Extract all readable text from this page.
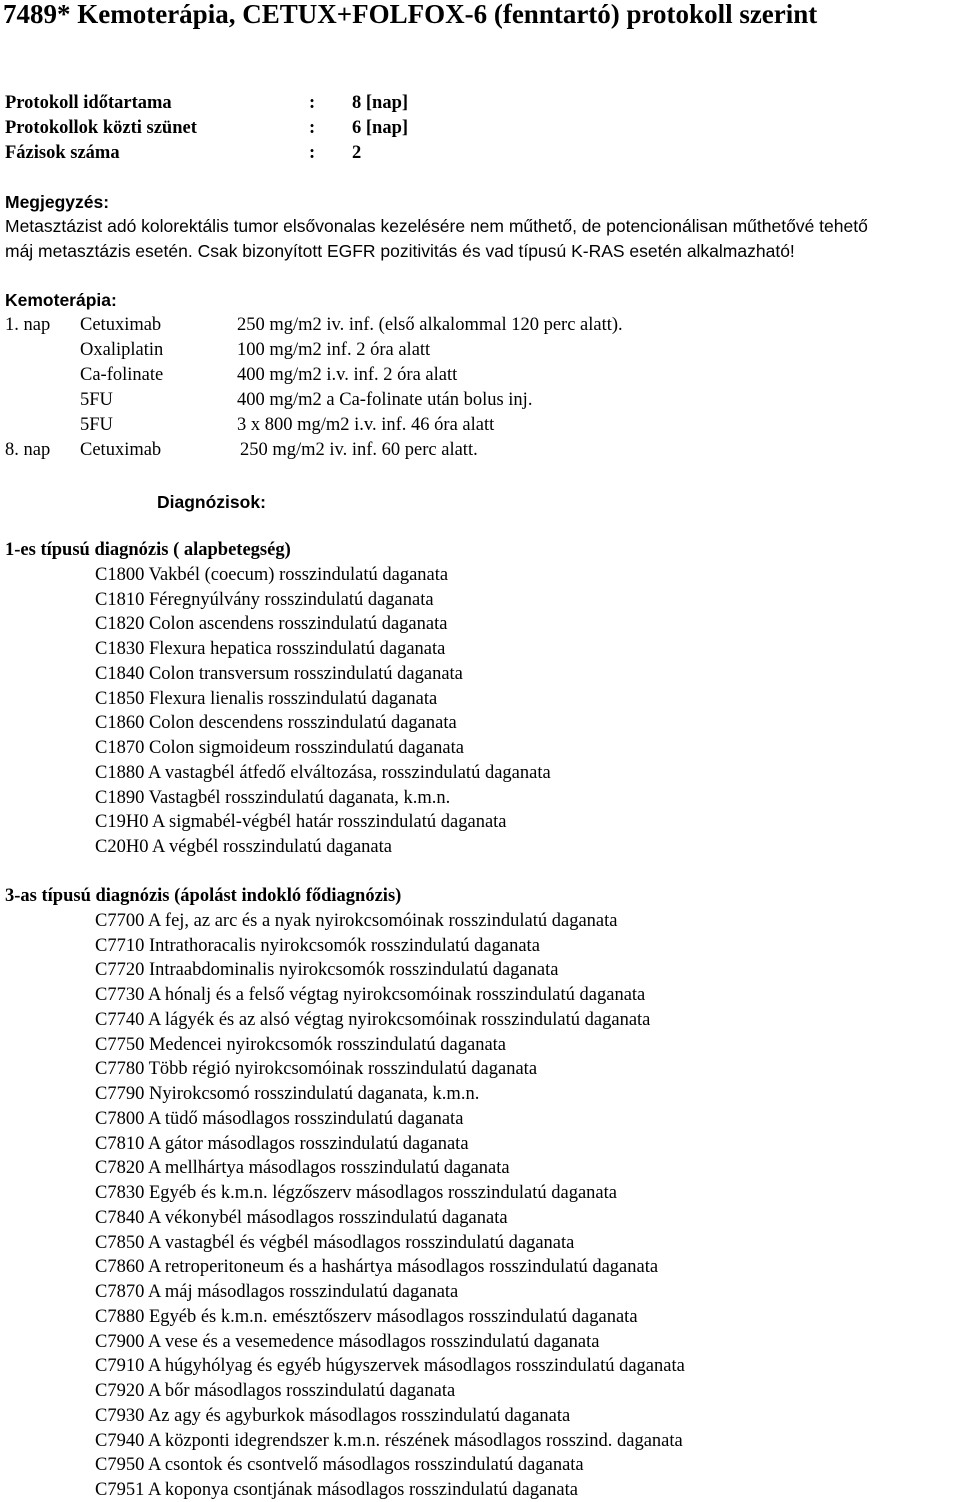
7489* Kemoterápia, CETUX+FOLFOX-6 (fenntartó) protokoll szerint
Protokoll időtartama	: 8 [nap]
Protokollok közti szünet	: 6 [nap]
Fázisok száma	: 2
Megjegyzés:
Metasztázist adó kolorektális tumor elsővonalas kezelésére nem műthető, de potencionálisan műthetővé tehető
máj metasztázis esetén. Csak bizonyított EGFR pozitivitás és vad típusú K-RAS esetén alkalmazható!
Kemoterápia:
1. nap Cetuximab	250 mg/m2 iv. inf. (első alkalommal 120 perc alatt).
Oxaliplatin	100 mg/m2 inf. 2 óra alatt
Ca-folinate	400 mg/m2 i.v. inf. 2 óra alatt
5FU	400 mg/m2 a Ca-folinate után bolus inj.
5FU	3 x 800 mg/m2 i.v. inf. 46 óra alatt
8. nap Cetuximab	250 mg/m2 iv. inf. 60 perc alatt.
Diagnózisok:
1-es típusú diagnózis ( alapbetegség)
C1800 Vakbél (coecum) rosszindulatú daganata
C1810 Féregnyúlvány rosszindulatú daganata
C1820 Colon ascendens rosszindulatú daganata
C1830 Flexura hepatica rosszindulatú daganata
C1840 Colon transversum rosszindulatú daganata
C1850 Flexura lienalis rosszindulatú daganata
C1860 Colon descendens rosszindulatú daganata
C1870 Colon sigmoideum rosszindulatú daganata
C1880 A vastagbél átfedő elváltozása, rosszindulatú daganata
C1890 Vastagbél rosszindulatú daganata, k.m.n.
C19H0 A sigmabél-végbél határ rosszindulatú daganata
C20H0 A végbél rosszindulatú daganata
3-as típusú diagnózis (ápolást indokló fődiagnózis)
C7700 A fej, az arc és a nyak nyirokcsomóinak rosszindulatú daganata
C7710 Intrathoracalis nyirokcsomók rosszindulatú daganata
C7720 Intraabdominalis nyirokcsomók rosszindulatú daganata
C7730 A hónalj és a felső végtag nyirokcsomóinak rosszindulatú daganata
C7740 A lágyék és az alsó végtag nyirokcsomóinak rosszindulatú daganata
C7750 Medencei nyirokcsomók rosszindulatú daganata
C7780 Több régió nyirokcsomóinak rosszindulatú daganata
C7790 Nyirokcsomó rosszindulatú daganata, k.m.n.
C7800 A tüdő másodlagos rosszindulatú daganata
C7810 A gátor másodlagos rosszindulatú daganata
C7820 A mellhártya másodlagos rosszindulatú daganata
C7830 Egyéb és k.m.n. légzőszerv másodlagos rosszindulatú daganata
C7840 A vékonybél másodlagos rosszindulatú daganata
C7850 A vastagbél és végbél másodlagos rosszindulatú daganata
C7860 A retroperitoneum és a hashártya másodlagos rosszindulatú daganata
C7870 A máj másodlagos rosszindulatú daganata
C7880 Egyéb és k.m.n. emésztőszerv másodlagos rosszindulatú daganata
C7900 A vese és a vesemedence másodlagos rosszindulatú daganata
C7910 A húgyhólyag és egyéb húgyszervek másodlagos rosszindulatú daganata
C7920 A bőr másodlagos rosszindulatú daganata
C7930 Az agy és agyburkok másodlagos rosszindulatú daganata
C7940 A központi idegrendszer k.m.n. részének másodlagos rosszind. daganata
C7950 A csontok és csontvelő másodlagos rosszindulatú daganata
C7951 A koponya csontjának másodlagos rosszindulatú daganata
